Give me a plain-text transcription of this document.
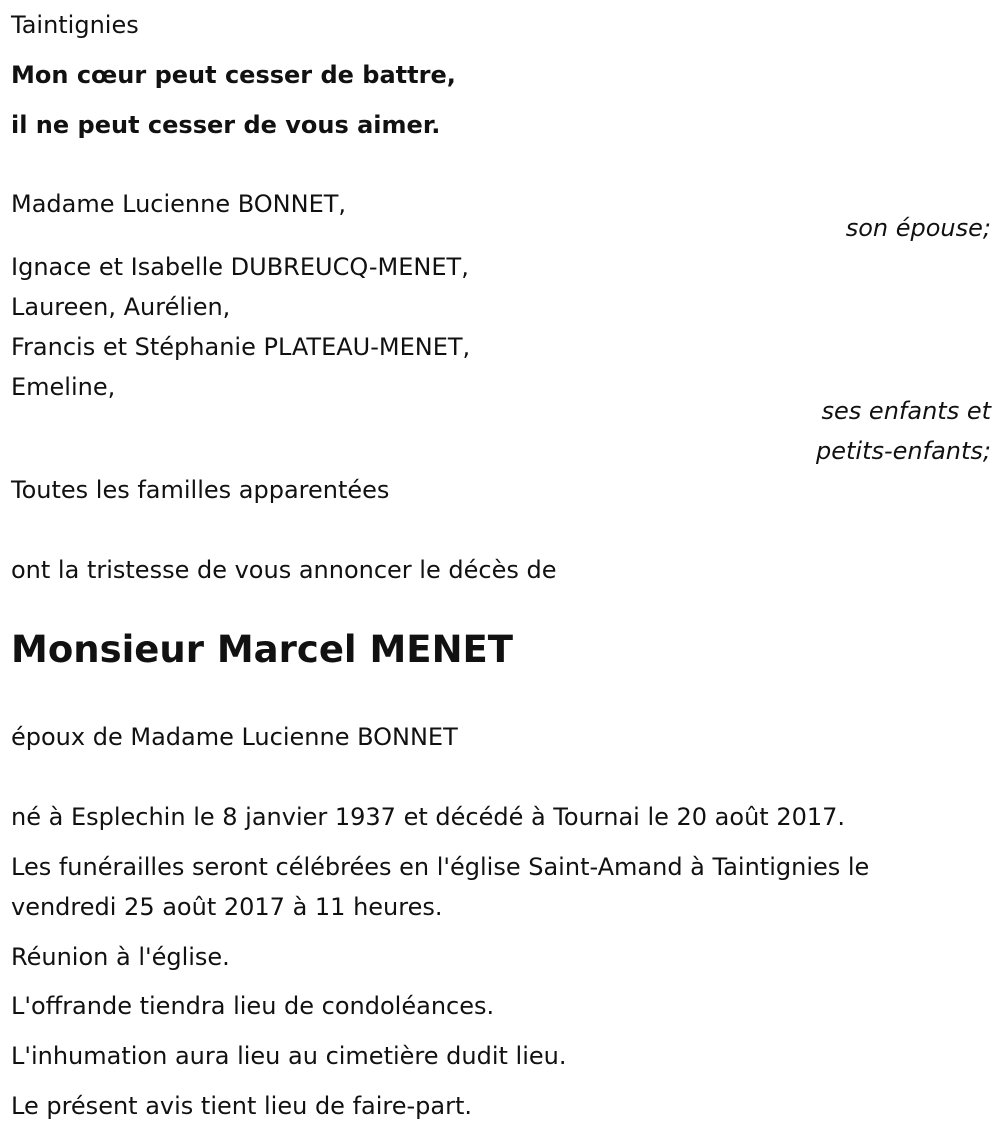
Taintignies
Mon cœur peut cesser de battre,
il ne peut cesser de vous aimer.
Madame Lucienne BONNET,
son épouse;
Ignace et Isabelle DUBREUCQ-MENET,
Laureen, Aurélien,
Francis et Stéphanie PLATEAU-MENET,
Emeline,
ses enfants et
petits-enfants;
Toutes les familles apparentées
ont la tristesse de vous annoncer le décès de
Monsieur Marcel MENET
époux de Madame Lucienne BONNET
né à Esplechin le 8 janvier 1937 et décédé à Tournai le 20 août 2017.
Les funérailles seront célébrées en l'église Saint-Amand à Taintignies le
vendredi 25 août 2017 à 11 heures.
Réunion à l'église.
L'offrande tiendra lieu de condoléances.
L'inhumation aura lieu au cimetière dudit lieu.
Le présent avis tient lieu de faire-part.
